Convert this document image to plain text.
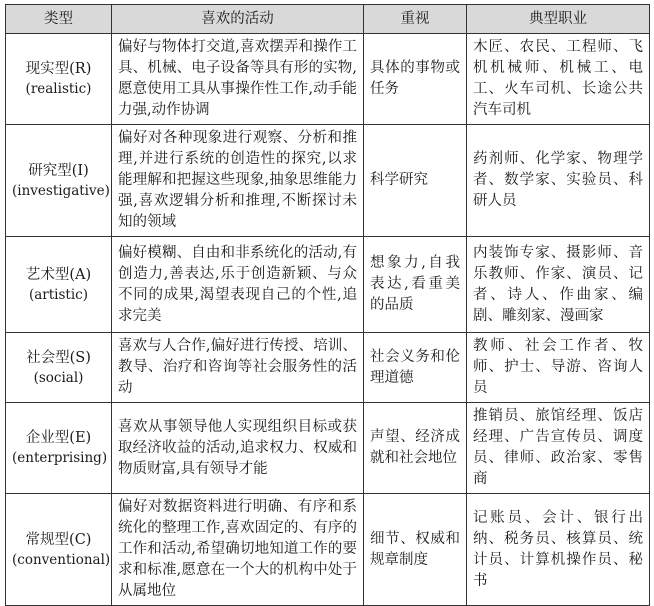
类型	喜欢的活动	重视	典型职业
现实型(R)
(realistic)	偏好与物体打交道,喜欢摆弄和操作工具、机械、电子设备等具有形的实物,愿意使用工具从事操作性工作,动手能力强,动作协调	具体的事物或任务	木匠、农民、工程师、飞机机械师、机械工、电工、火车司机、长途公共汽车司机
研究型(I)
(investigative)	偏好对各种现象进行观察、分析和推理,并进行系统的创造性的探究,以求能理解和把握这些现象,抽象思维能力强,喜欢逻辑分析和推理,不断探讨未知的领域	科学研究	药剂师、化学家、物理学者、数学家、实验员、科研人员
艺术型(A)
(artistic)	偏好模糊、自由和非系统化的活动,有创造力,善表达,乐于创造新颖、与众不同的成果,渴望表现自己的个性,追求完美	想象力,自我表达,看重美的品质	内装饰专家、摄影师、音乐教师、作家、演员、记者、诗人、作曲家、编剧、雕刻家、漫画家
社会型(S)
(social)	喜欢与人合作,偏好进行传授、培训、教导、治疗和咨询等社会服务性的活动	社会义务和伦理道德	教师、社会工作者、牧师、护士、导游、咨询人员
企业型(E)
(enterprising)	喜欢从事领导他人实现组织目标或获取经济收益的活动,追求权力、权威和物质财富,具有领导才能	声望、经济成就和社会地位	推销员、旅馆经理、饭店经理、广告宣传员、调度员、律师、政治家、零售商
常规型(C)
(conventional)	偏好对数据资料进行明确、有序和系统化的整理工作,喜欢固定的、有序的工作和活动,希望确切地知道工作的要求和标准,愿意在一个大的机构中处于从属地位	细节、权威和规章制度	记账员、会计、银行出纳、税务员、核算员、统计员、计算机操作员、秘书
